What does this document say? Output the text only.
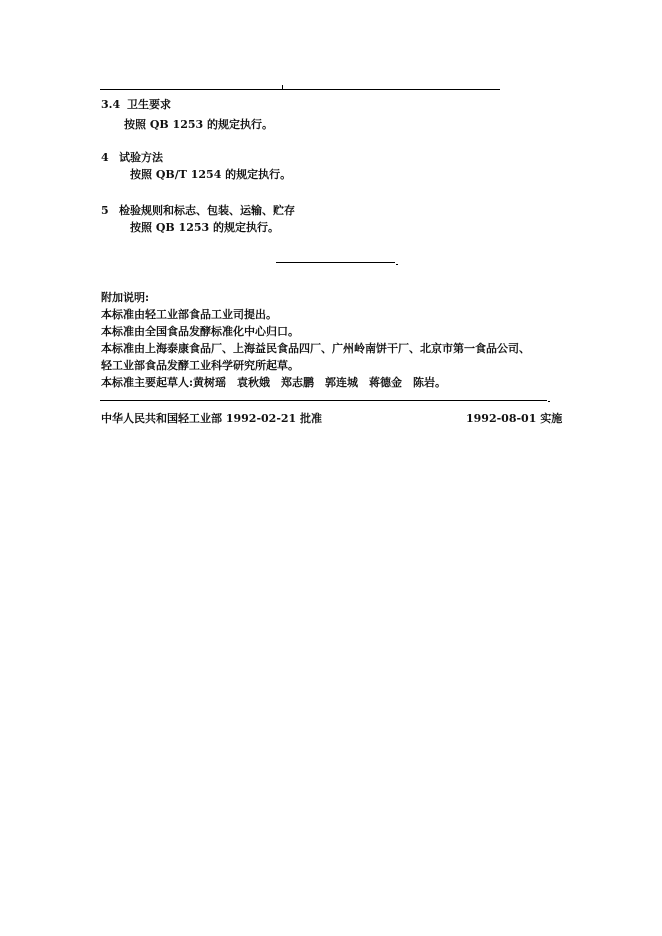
3.4 卫生要求
按照 QB 1253 的规定执行。
4 试验方法
按照 QB/T 1254 的规定执行。
5 检验规则和标志、包装、运输、贮存
按照 QB 1253 的规定执行。
附加说明:
本标准由轻工业部食品工业司提出。
本标准由全国食品发酵标准化中心归口。
本标准由上海泰康食品厂、上海益民食品四厂、广州岭南饼干厂、北京市第一食品公司、
轻工业部食品发酵工业科学研究所起草。
本标准主要起草人:黄树瑶　袁秋娥　郑志鹏　郭连城　蒋德金　陈岩。
中华人民共和国轻工业部 1992-02-21 批准	1992-08-01 实施
